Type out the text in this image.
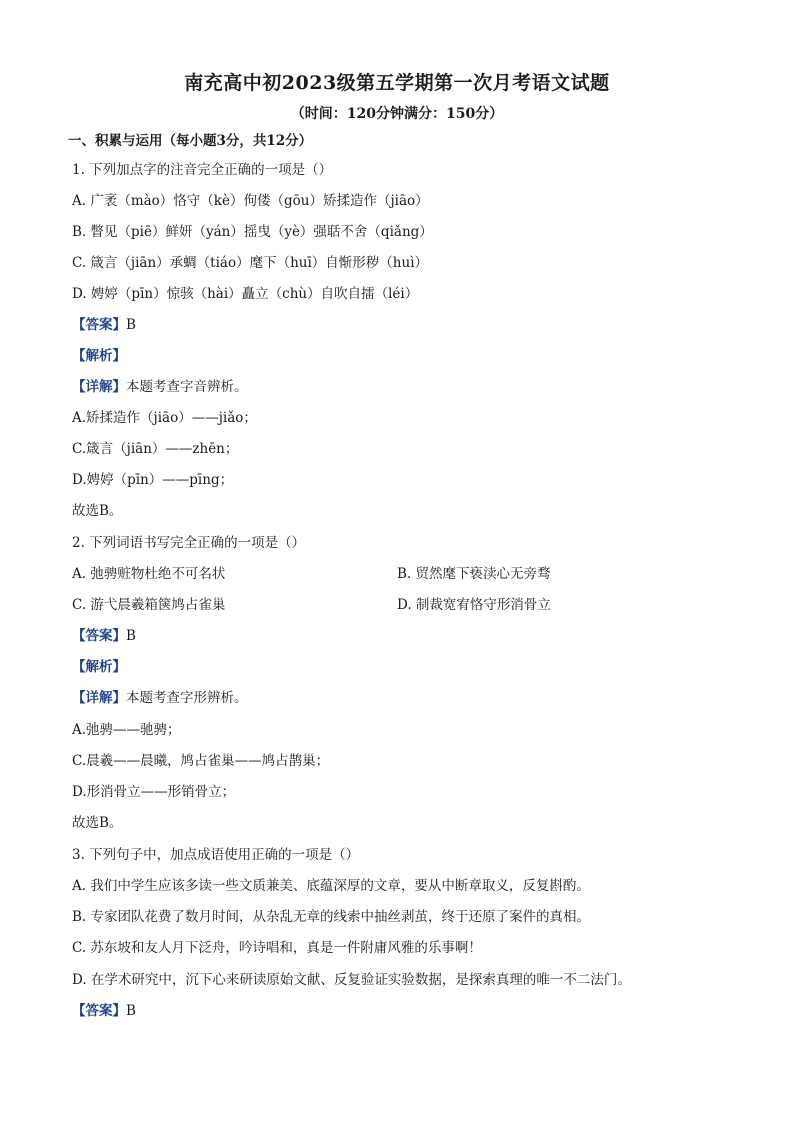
南充高中初2023级第五学期第一次月考语文试题
（时间：120分钟满分：150分）
一、积累与运用（每小题3分，共12分）
1. 下列加点字的注音完全正确的一项是（）
A. 广袤（mào）恪守（kè）佝偻（gōu）矫揉造作（jiāo）
B. 瞥见（piē）鲜妍（yán）摇曳（yè）强聒不舍（qiǎng）
C. 箴言（jiān）承蜩（tiáo）麾下（huī）自惭形秽（huì）
D. 娉婷（pīn）惊骇（hài）矗立（chù）自吹自擂（léi）
【答案】B
【解析】
【详解】本题考查字音辨析。
A.矫揉造作（jiāo）——jiǎo；
C.箴言（jiān）——zhēn；
D.娉婷（pīn）——pīng；
故选B。
2. 下列词语书写完全正确的一项是（）
A. 弛骋赃物杜绝不可名状	B. 贸然麾下亵渎心无旁骛
C. 游弋晨羲箱箧鸠占雀巢	D. 制裁宽宥恪守形消骨立
【答案】B
【解析】
【详解】本题考查字形辨析。
A.弛骋——驰骋；
C.晨羲——晨曦，鸠占雀巢——鸠占鹊巢；
D.形消骨立——形销骨立；
故选B。
3. 下列句子中，加点成语使用正确的一项是（）
A. 我们中学生应该多读一些文质兼美、底蕴深厚的文章，要从中断章取义，反复斟酌。
B. 专家团队花费了数月时间，从杂乱无章的线索中抽丝剥茧，终于还原了案件的真相。
C. 苏东坡和友人月下泛舟，吟诗唱和，真是一件附庸风雅的乐事啊！
D. 在学术研究中，沉下心来研读原始文献、反复验证实验数据，是探索真理的唯一不二法门。
【答案】B
